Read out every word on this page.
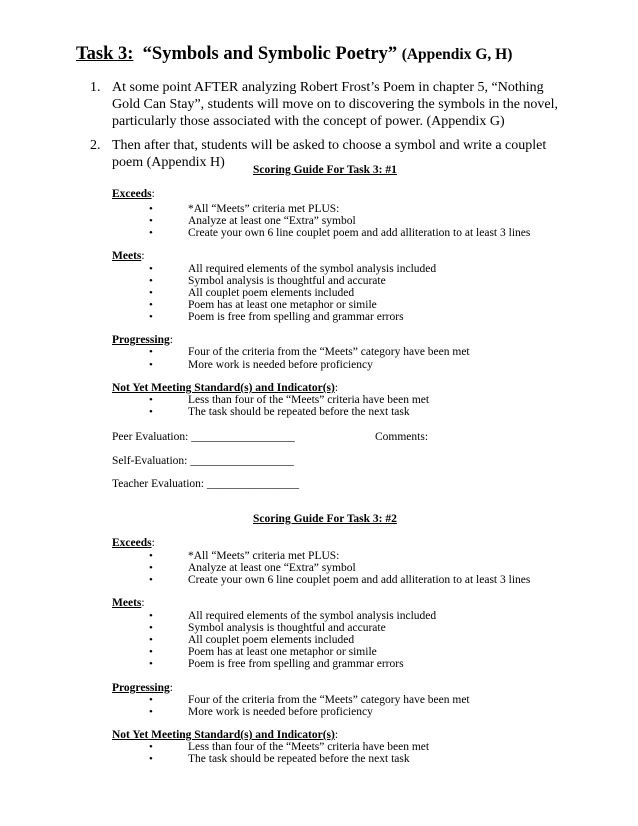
Task 3: “Symbols and Symbolic Poetry” (Appendix G, H)
1. At some point AFTER analyzing Robert Frost’s Poem in chapter 5, “Nothing Gold Can Stay”, students will move on to discovering the symbols in the novel, particularly those associated with the concept of power. (Appendix G)
2. Then after that, students will be asked to choose a symbol and write a couplet poem (Appendix H)	Scoring Guide For Task 3: #1
Exceeds:
•	*All “Meets” criteria met PLUS:
•	Analyze at least one “Extra” symbol
•	Create your own 6 line couplet poem and add alliteration to at least 3 lines
Meets:
•	All required elements of the symbol analysis included
•	Symbol analysis is thoughtful and accurate
•	All couplet poem elements included
•	Poem has at least one metaphor or simile
•	Poem is free from spelling and grammar errors
Progressing:
•	Four of the criteria from the “Meets” category have been met
•	More work is needed before proficiency
Not Yet Meeting Standard(s) and Indicator(s):
•	Less than four of the “Meets” criteria have been met
•	The task should be repeated before the next task
Peer Evaluation: __________________	Comments:
Self-Evaluation: __________________
Teacher Evaluation: ________________
Scoring Guide For Task 3: #2
Exceeds:
•	*All “Meets” criteria met PLUS:
•	Analyze at least one “Extra” symbol
•	Create your own 6 line couplet poem and add alliteration to at least 3 lines
Meets:
•	All required elements of the symbol analysis included
•	Symbol analysis is thoughtful and accurate
•	All couplet poem elements included
•	Poem has at least one metaphor or simile
•	Poem is free from spelling and grammar errors
Progressing:
•	Four of the criteria from the “Meets” category have been met
•	More work is needed before proficiency
Not Yet Meeting Standard(s) and Indicator(s):
•	Less than four of the “Meets” criteria have been met
•	The task should be repeated before the next task
